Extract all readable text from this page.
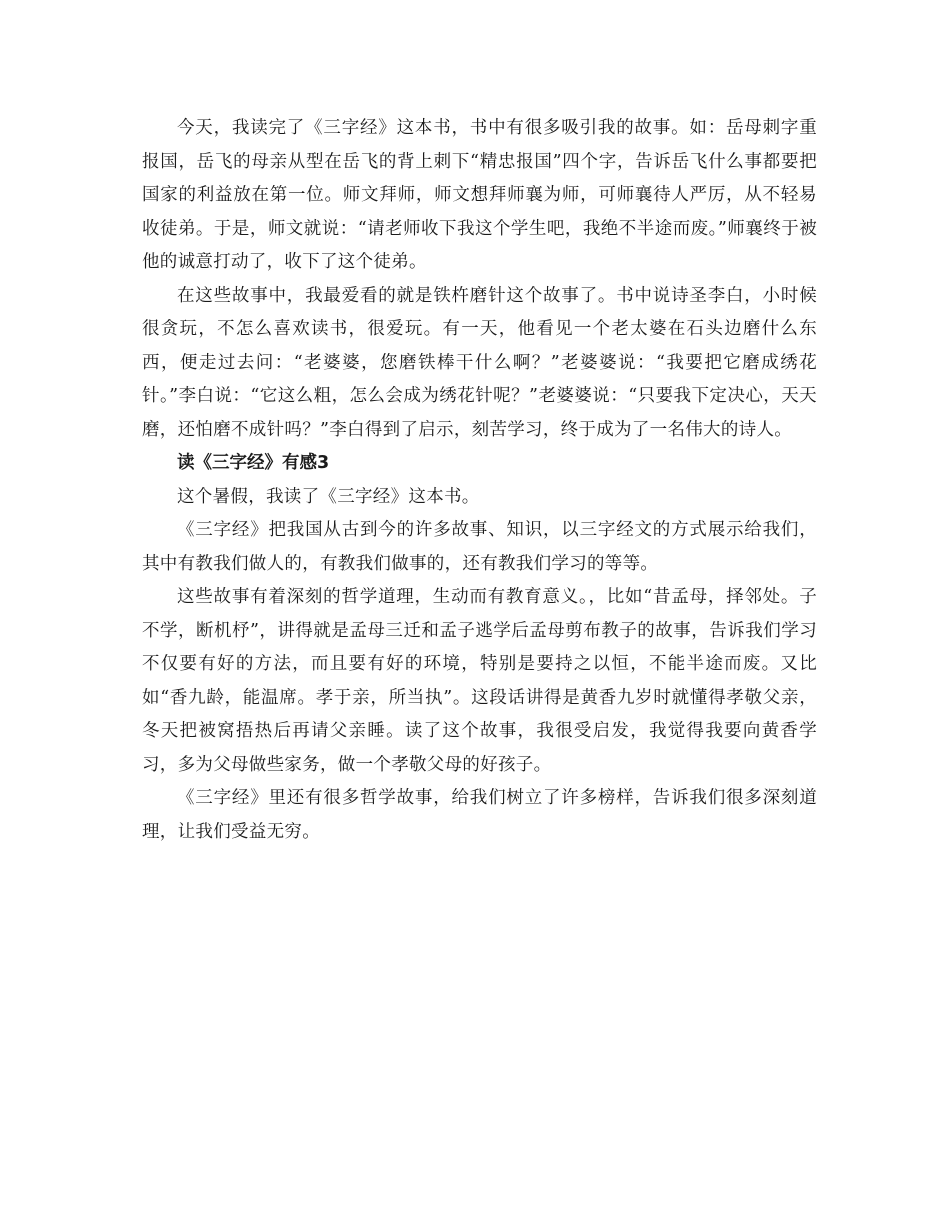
今天，我读完了《三字经》这本书，书中有很多吸引我的故事。如：岳母刺字重报国，岳飞的母亲从型在岳飞的背上刺下“精忠报国”四个字，告诉岳飞什么事都要把国家的利益放在第一位。师文拜师，师文想拜师襄为师，可师襄待人严厉，从不轻易收徒弟。于是，师文就说：“请老师收下我这个学生吧，我绝不半途而废。”师襄终于被他的诚意打动了，收下了这个徒弟。

在这些故事中，我最爱看的就是铁杵磨针这个故事了。书中说诗圣李白，小时候很贪玩，不怎么喜欢读书，很爱玩。有一天，他看见一个老太婆在石头边磨什么东西，便走过去问：“老婆婆，您磨铁棒干什么啊？”老婆婆说：“我要把它磨成绣花针。”李白说：“它这么粗，怎么会成为绣花针呢？”老婆婆说：“只要我下定决心，天天磨，还怕磨不成针吗？”李白得到了启示，刻苦学习，终于成为了一名伟大的诗人。

读《三字经》有感3

这个暑假，我读了《三字经》这本书。

《三字经》把我国从古到今的许多故事、知识，以三字经文的方式展示给我们，其中有教我们做人的，有教我们做事的，还有教我们学习的等等。

这些故事有着深刻的哲学道理，生动而有教育意义。，比如“昔孟母，择邻处。子不学，断机杼”，讲得就是孟母三迁和孟子逃学后孟母剪布教子的故事，告诉我们学习不仅要有好的方法，而且要有好的环境，特别是要持之以恒，不能半途而废。又比如“香九龄，能温席。孝于亲，所当执”。这段话讲得是黄香九岁时就懂得孝敬父亲，冬天把被窝捂热后再请父亲睡。读了这个故事，我很受启发，我觉得我要向黄香学习，多为父母做些家务，做一个孝敬父母的好孩子。

《三字经》里还有很多哲学故事，给我们树立了许多榜样，告诉我们很多深刻道理，让我们受益无穷。
